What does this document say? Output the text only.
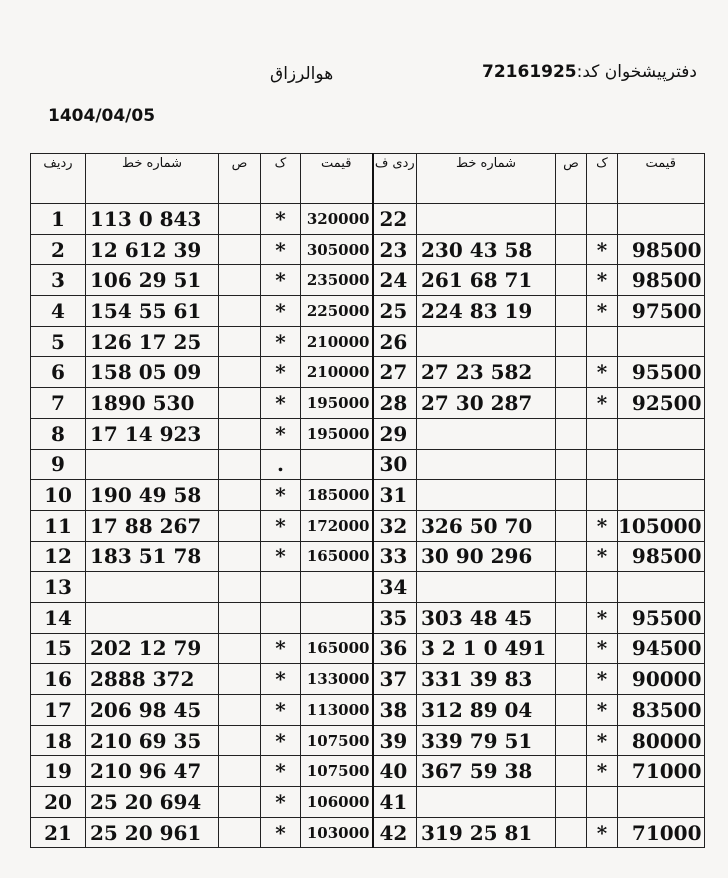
هوالرزاق	دفترپیشخوان کد:72161925
1404/04/05
ردیف	شماره خط	ص	ک	قیمت	ردی ف	شماره خط	ص	ک	قیمت
1	113 0 843		*	320000	22				
2	12 612 39		*	305000	23	230 43 58		*	98500
3	106 29 51		*	235000	24	261 68 71		*	98500
4	154 55 61		*	225000	25	224 83 19		*	97500
5	126 17 25		*	210000	26				
6	158 05 09		*	210000	27	27 23 582		*	95500
7	1890 530		*	195000	28	27 30 287		*	92500
8	17 14 923		*	195000	29				
9			.		30				
10	190 49 58		*	185000	31				
11	17 88 267		*	172000	32	326 50 70		*	105000
12	183 51 78		*	165000	33	30 90 296		*	98500
13					34				
14					35	303 48 45		*	95500
15	202 12 79		*	165000	36	3 2 1 0 491		*	94500
16	2888 372		*	133000	37	331 39 83		*	90000
17	206 98 45		*	113000	38	312 89 04		*	83500
18	210 69 35		*	107500	39	339 79 51		*	80000
19	210 96 47		*	107500	40	367 59 38		*	71000
20	25 20 694		*	106000	41				
21	25 20 961		*	103000	42	319 25 81		*	71000
